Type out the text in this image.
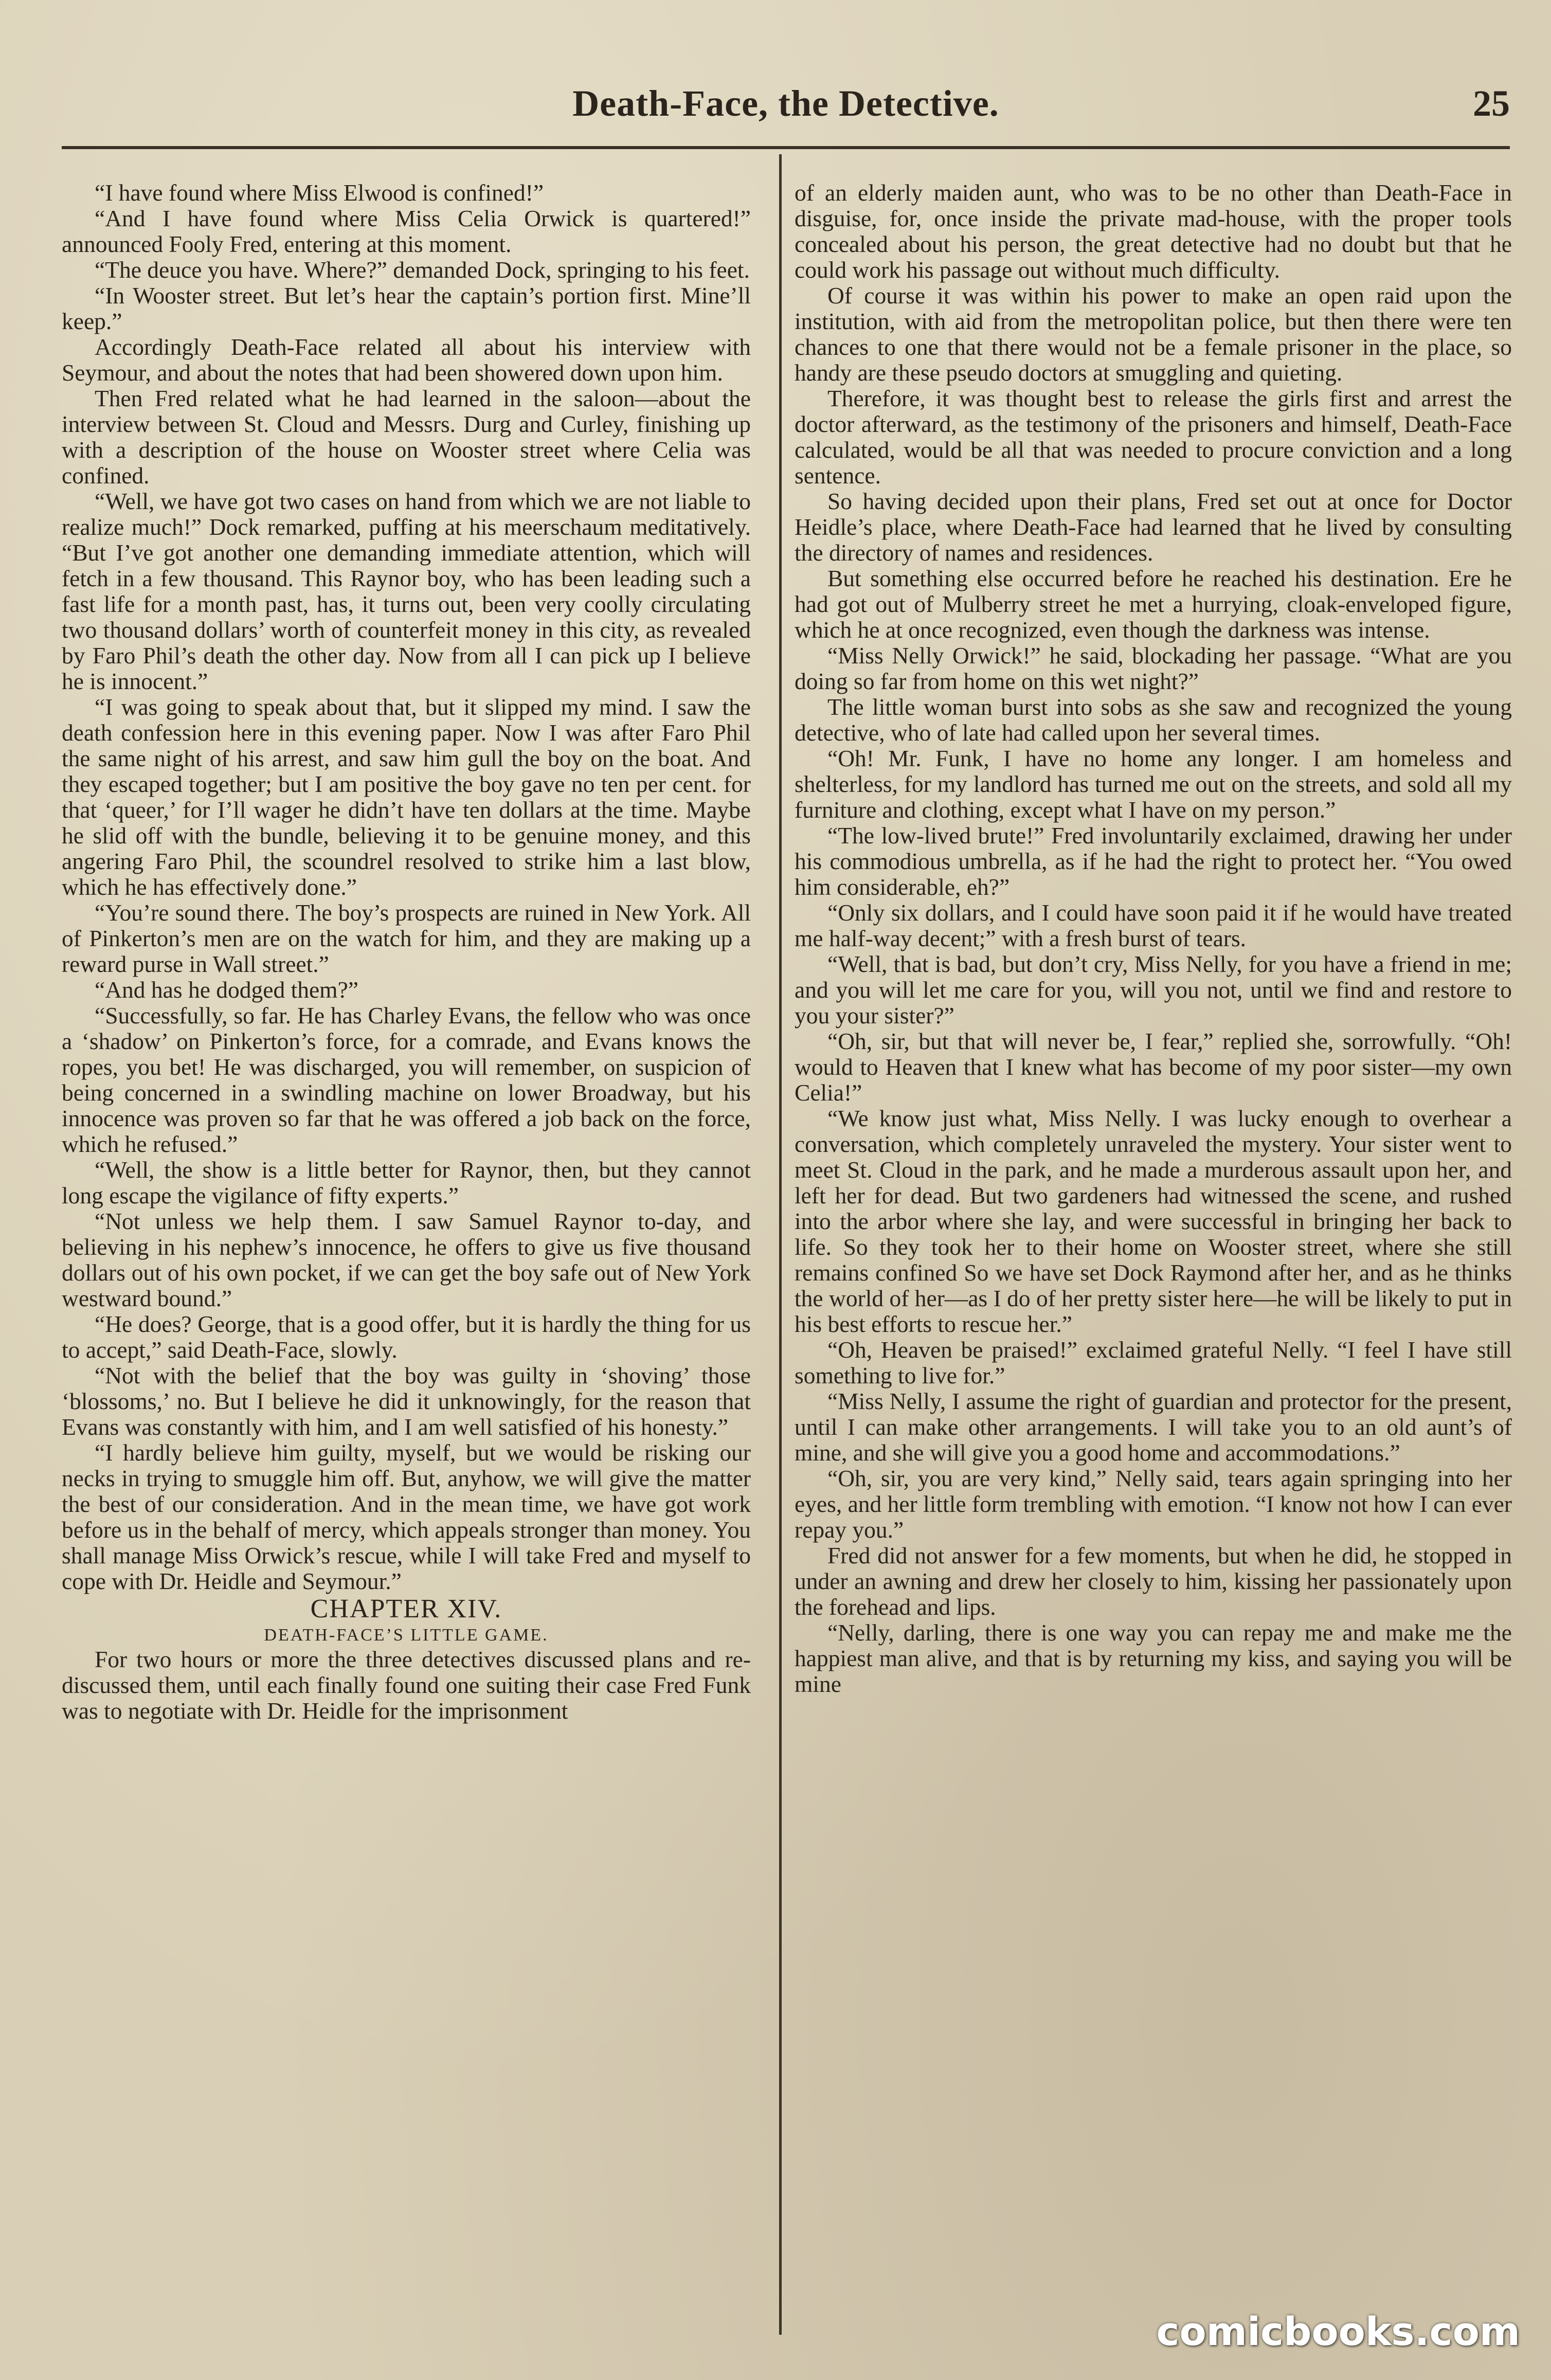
Death-Face, the Detective.	25

“I have found where Miss Elwood is confined!”

“And I have found where Miss Celia Orwick is quartered!” announced Fooly Fred, entering at this moment.

“The deuce you have. Where?” demanded Dock, springing to his feet.

“In Wooster street. But let’s hear the captain’s portion first. Mine’ll keep.”

Accordingly Death-Face related all about his interview with Seymour, and about the notes that had been showered down upon him.

Then Fred related what he had learned in the saloon—about the interview between St. Cloud and Messrs. Durg and Curley, finishing up with a description of the house on Wooster street where Celia was confined.

“Well, we have got two cases on hand from which we are not liable to realize much!” Dock remarked, puffing at his meerschaum meditatively. “But I’ve got another one demanding immediate attention, which will fetch in a few thousand. This Raynor boy, who has been leading such a fast life for a month past, has, it turns out, been very coolly circulating two thousand dollars’ worth of counterfeit money in this city, as revealed by Faro Phil’s death the other day. Now from all I can pick up I believe he is innocent.”

“I was going to speak about that, but it slipped my mind. I saw the death confession here in this evening paper. Now I was after Faro Phil the same night of his arrest, and saw him gull the boy on the boat. And they escaped together; but I am positive the boy gave no ten per cent. for that ‘queer,’ for I’ll wager he didn’t have ten dollars at the time. Maybe he slid off with the bundle, believing it to be genuine money, and this angering Faro Phil, the scoundrel resolved to strike him a last blow, which he has effectively done.”

“You’re sound there. The boy’s prospects are ruined in New York. All of Pinkerton’s men are on the watch for him, and they are making up a reward purse in Wall street.”

“And has he dodged them?”

“Successfully, so far. He has Charley Evans, the fellow who was once a ‘shadow’ on Pinkerton’s force, for a comrade, and Evans knows the ropes, you bet! He was discharged, you will remember, on suspicion of being concerned in a swindling machine on lower Broadway, but his innocence was proven so far that he was offered a job back on the force, which he refused.”

“Well, the show is a little better for Raynor, then, but they cannot long escape the vigilance of fifty experts.”

“Not unless we help them. I saw Samuel Raynor to-day, and believing in his nephew’s innocence, he offers to give us five thousand dollars out of his own pocket, if we can get the boy safe out of New York westward bound.”

“He does? George, that is a good offer, but it is hardly the thing for us to accept,” said Death-Face, slowly.

“Not with the belief that the boy was guilty in ‘shoving’ those ‘blossoms,’ no. But I believe he did it unknowingly, for the reason that Evans was constantly with him, and I am well satisfied of his honesty.”

“I hardly believe him guilty, myself, but we would be risking our necks in trying to smuggle him off. But, anyhow, we will give the matter the best of our consideration. And in the mean time, we have got work before us in the behalf of mercy, which appeals stronger than money. You shall manage Miss Orwick’s rescue, while I will take Fred and myself to cope with Dr. Heidle and Seymour.”

CHAPTER XIV.

DEATH-FACE’S LITTLE GAME.

For two hours or more the three detectives discussed plans and re-discussed them, until each finally found one suiting their case Fred Funk was to negotiate with Dr. Heidle for the imprisonment

of an elderly maiden aunt, who was to be no other than Death-Face in disguise, for, once inside the private mad-house, with the proper tools concealed about his person, the great detective had no doubt but that he could work his passage out without much difficulty.

Of course it was within his power to make an open raid upon the institution, with aid from the metropolitan police, but then there were ten chances to one that there would not be a female prisoner in the place, so handy are these pseudo doctors at smuggling and quieting.

Therefore, it was thought best to release the girls first and arrest the doctor afterward, as the testimony of the prisoners and himself, Death-Face calculated, would be all that was needed to procure conviction and a long sentence.

So having decided upon their plans, Fred set out at once for Doctor Heidle’s place, where Death-Face had learned that he lived by consulting the directory of names and residences.

But something else occurred before he reached his destination. Ere he had got out of Mulberry street he met a hurrying, cloak-enveloped figure, which he at once recognized, even though the darkness was intense.

“Miss Nelly Orwick!” he said, blockading her passage. “What are you doing so far from home on this wet night?”

The little woman burst into sobs as she saw and recognized the young detective, who of late had called upon her several times.

“Oh! Mr. Funk, I have no home any longer. I am homeless and shelterless, for my landlord has turned me out on the streets, and sold all my furniture and clothing, except what I have on my person.”

“The low-lived brute!” Fred involuntarily exclaimed, drawing her under his commodious umbrella, as if he had the right to protect her. “You owed him considerable, eh?”

“Only six dollars, and I could have soon paid it if he would have treated me half-way decent;” with a fresh burst of tears.

“Well, that is bad, but don’t cry, Miss Nelly, for you have a friend in me; and you will let me care for you, will you not, until we find and restore to you your sister?”

“Oh, sir, but that will never be, I fear,” replied she, sorrowfully. “Oh! would to Heaven that I knew what has become of my poor sister—my own Celia!”

“We know just what, Miss Nelly. I was lucky enough to overhear a conversation, which completely unraveled the mystery. Your sister went to meet St. Cloud in the park, and he made a murderous assault upon her, and left her for dead. But two gardeners had witnessed the scene, and rushed into the arbor where she lay, and were successful in bringing her back to life. So they took her to their home on Wooster street, where she still remains confined So we have set Dock Raymond after her, and as he thinks the world of her—as I do of her pretty sister here—he will be likely to put in his best efforts to rescue her.”

“Oh, Heaven be praised!” exclaimed grateful Nelly. “I feel I have still something to live for.”

“Miss Nelly, I assume the right of guardian and protector for the present, until I can make other arrangements. I will take you to an old aunt’s of mine, and she will give you a good home and accommodations.”

“Oh, sir, you are very kind,” Nelly said, tears again springing into her eyes, and her little form trembling with emotion. “I know not how I can ever repay you.”

Fred did not answer for a few moments, but when he did, he stopped in under an awning and drew her closely to him, kissing her passionately upon the forehead and lips.

“Nelly, darling, there is one way you can repay me and make me the happiest man alive, and that is by returning my kiss, and saying you will be mine

comicbooks.com
